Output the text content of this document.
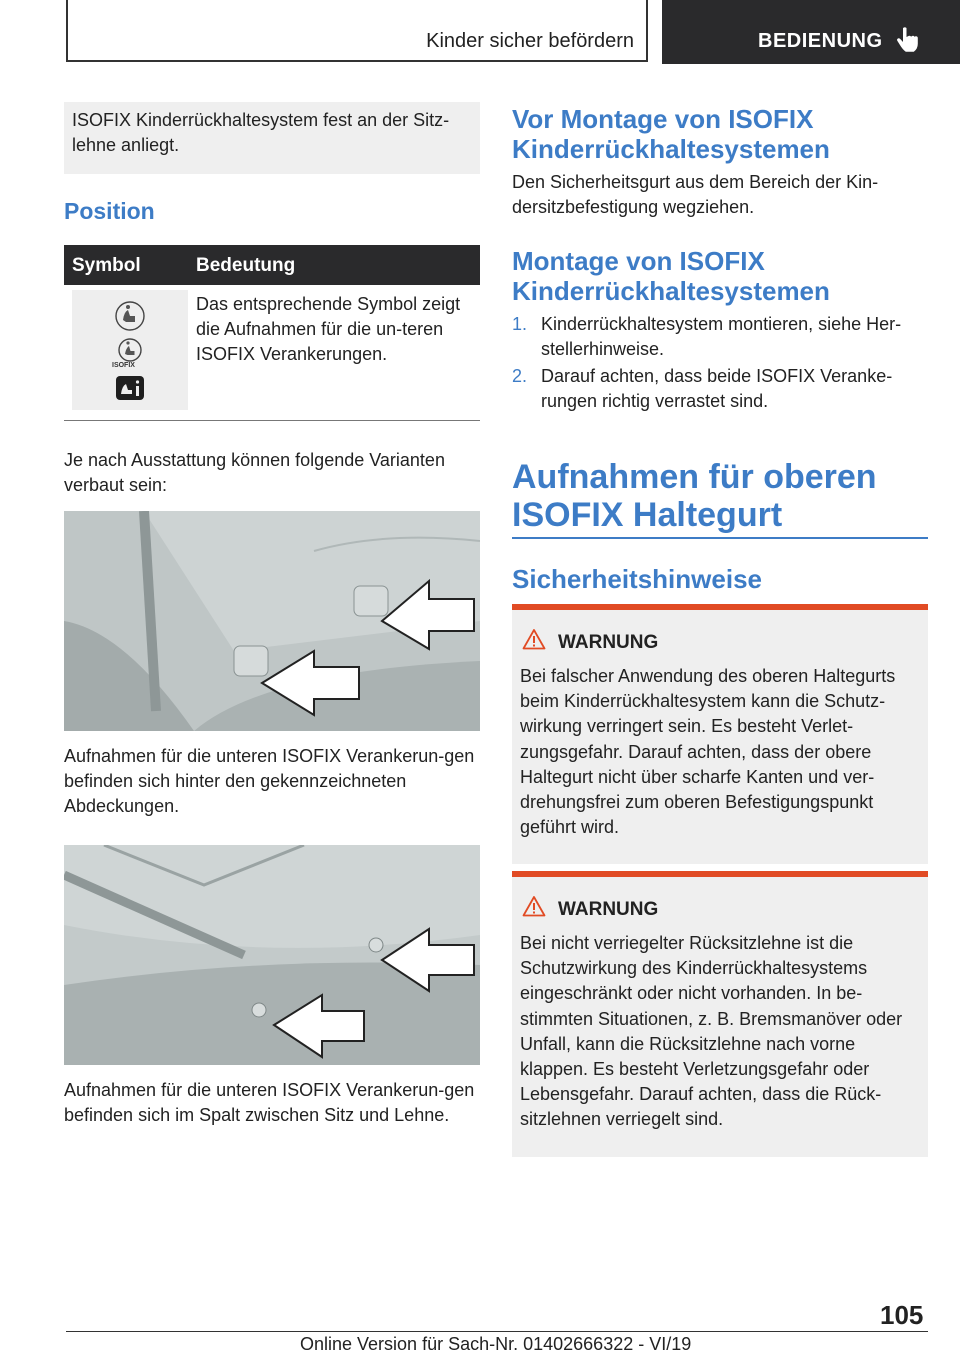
Kinder sicher befördern	BEDIENUNG

ISOFIX Kinderrückhaltesystem fest an der Sitz-lehne anliegt.

Position
Symbol	Bedeutung
ISOFIX
Das entsprechende Symbol zeigt die Aufnahmen für die un-teren ISOFIX Verankerungen.

Je nach Ausstattung können folgende Varianten verbaut sein:

Aufnahmen für die unteren ISOFIX Verankerun-gen befinden sich hinter den gekennzeichneten Abdeckungen.

Aufnahmen für die unteren ISOFIX Verankerun-gen befinden sich im Spalt zwischen Sitz und Lehne.

Vor Montage von ISOFIX Kinderrückhaltesystemen

Den Sicherheitsgurt aus dem Bereich der Kin-dersitzbefestigung wegziehen.

Montage von ISOFIX Kinderrückhaltesystemen
1. Kinderrückhaltesystem montieren, siehe Her-stellerhinweise.
2. Darauf achten, dass beide ISOFIX Veranke-rungen richtig verrastet sind.
Aufnahmen für oberen ISOFIX Haltegurt
Sicherheitshinweise
WARNUNG
Bei falscher Anwendung des oberen Haltegurts beim Kinderrückhaltesystem kann die Schutz-wirkung verringert sein. Es besteht Verlet-zungsgefahr. Darauf achten, dass der obere Haltegurt nicht über scharfe Kanten und ver-drehungsfrei zum oberen Befestigungspunkt geführt wird.
WARNUNG
Bei nicht verriegelter Rücksitzlehne ist die Schutzwirkung des Kinderrückhaltesystems eingeschränkt oder nicht vorhanden. In be-stimmten Situationen, z. B. Bremsmanöver oder Unfall, kann die Rücksitzlehne nach vorne klappen. Es besteht Verletzungsgefahr oder Lebensgefahr. Darauf achten, dass die Rück-sitzlehnen verriegelt sind.
105
Online Version für Sach-Nr. 01402666322 - VI/19
